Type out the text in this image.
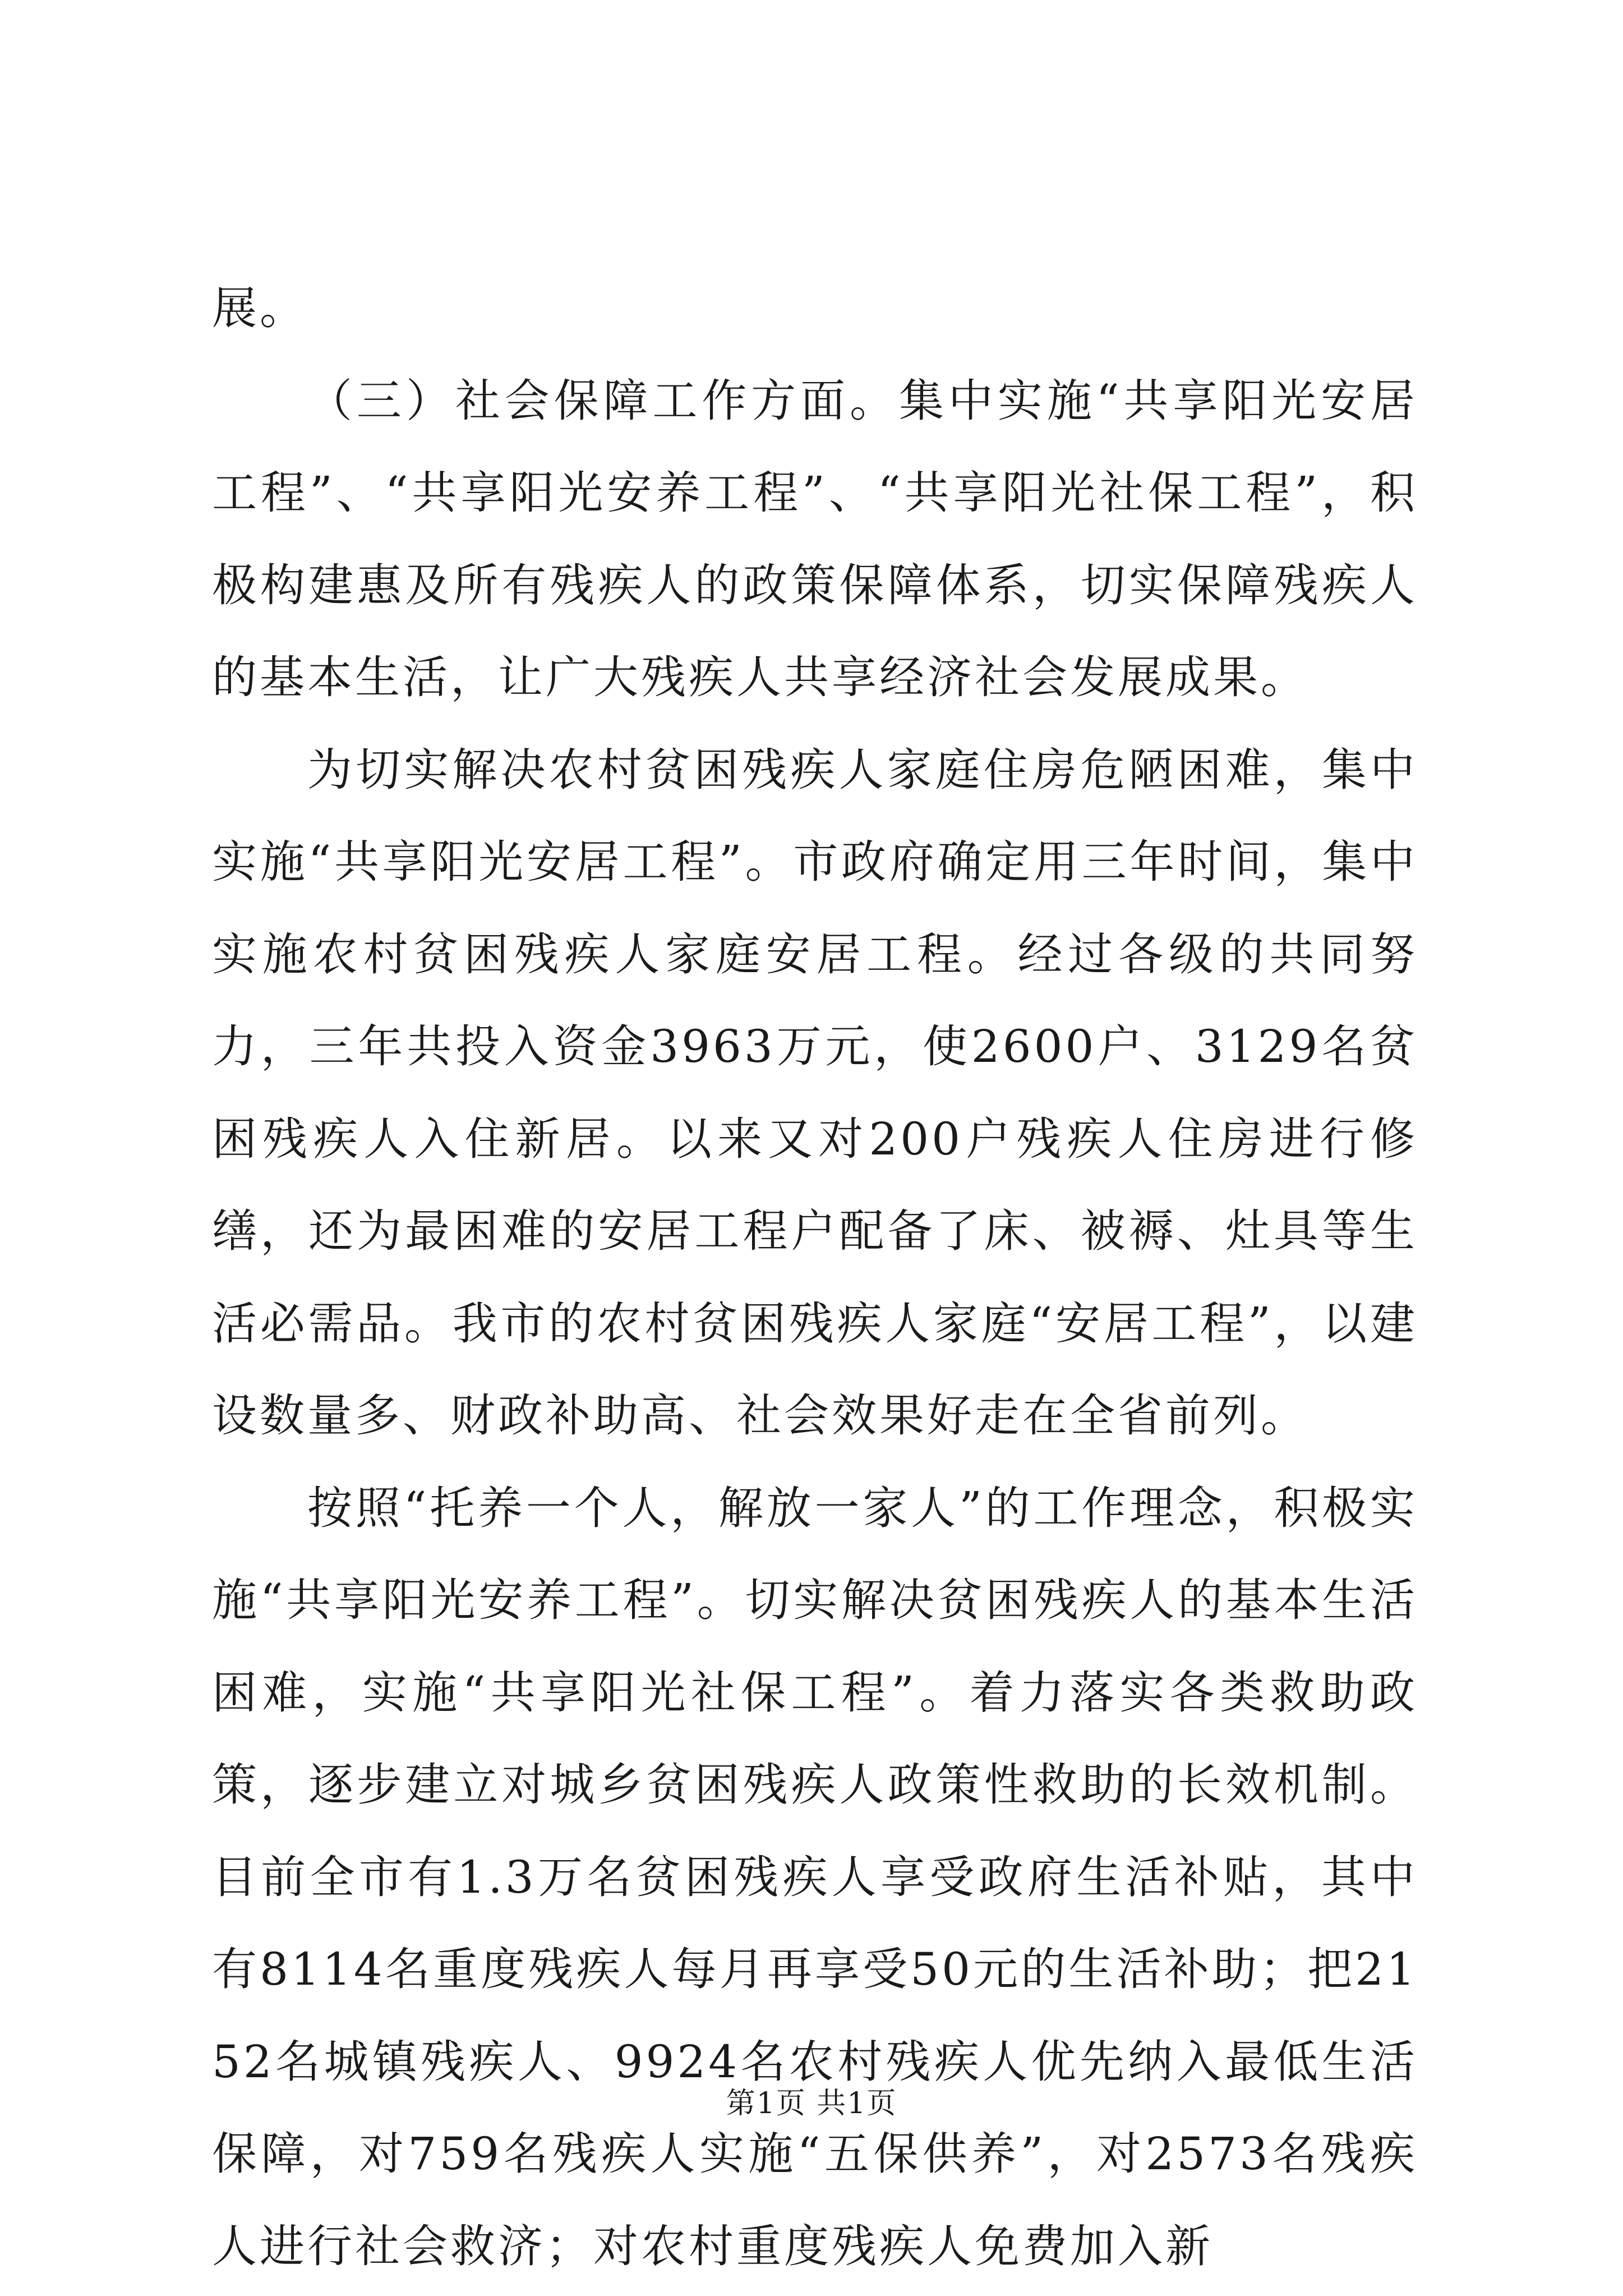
展。

（三）社会保障工作方面。集中实施“共享阳光安居工程”、“共享阳光安养工程”、“共享阳光社保工程”，积极构建惠及所有残疾人的政策保障体系，切实保障残疾人的基本生活，让广大残疾人共享经济社会发展成果。

为切实解决农村贫困残疾人家庭住房危陋困难，集中实施“共享阳光安居工程”。市政府确定用三年时间，集中实施农村贫困残疾人家庭安居工程。经过各级的共同努力，三年共投入资金3963万元，使2600户、3129名贫困残疾人入住新居。以来又对200户残疾人住房进行修缮，还为最困难的安居工程户配备了床、被褥、灶具等生活必需品。我市的农村贫困残疾人家庭“安居工程”，以建设数量多、财政补助高、社会效果好走在全省前列。

按照“托养一个人，解放一家人”的工作理念，积极实施“共享阳光安养工程”。切实解决贫困残疾人的基本生活困难，实施“共享阳光社保工程”。着力落实各类救助政策，逐步建立对城乡贫困残疾人政策性救助的长效机制。目前全市有1.3万名贫困残疾人享受政府生活补贴，其中有8114名重度残疾人每月再享受50元的生活补助；把2152名城镇残疾人、9924名农村残疾人优先纳入最低生活保障，对759名残疾人实施“五保供养”，对2573名残疾人进行社会救济；对农村重度残疾人免费加入新

第1页 共1页
